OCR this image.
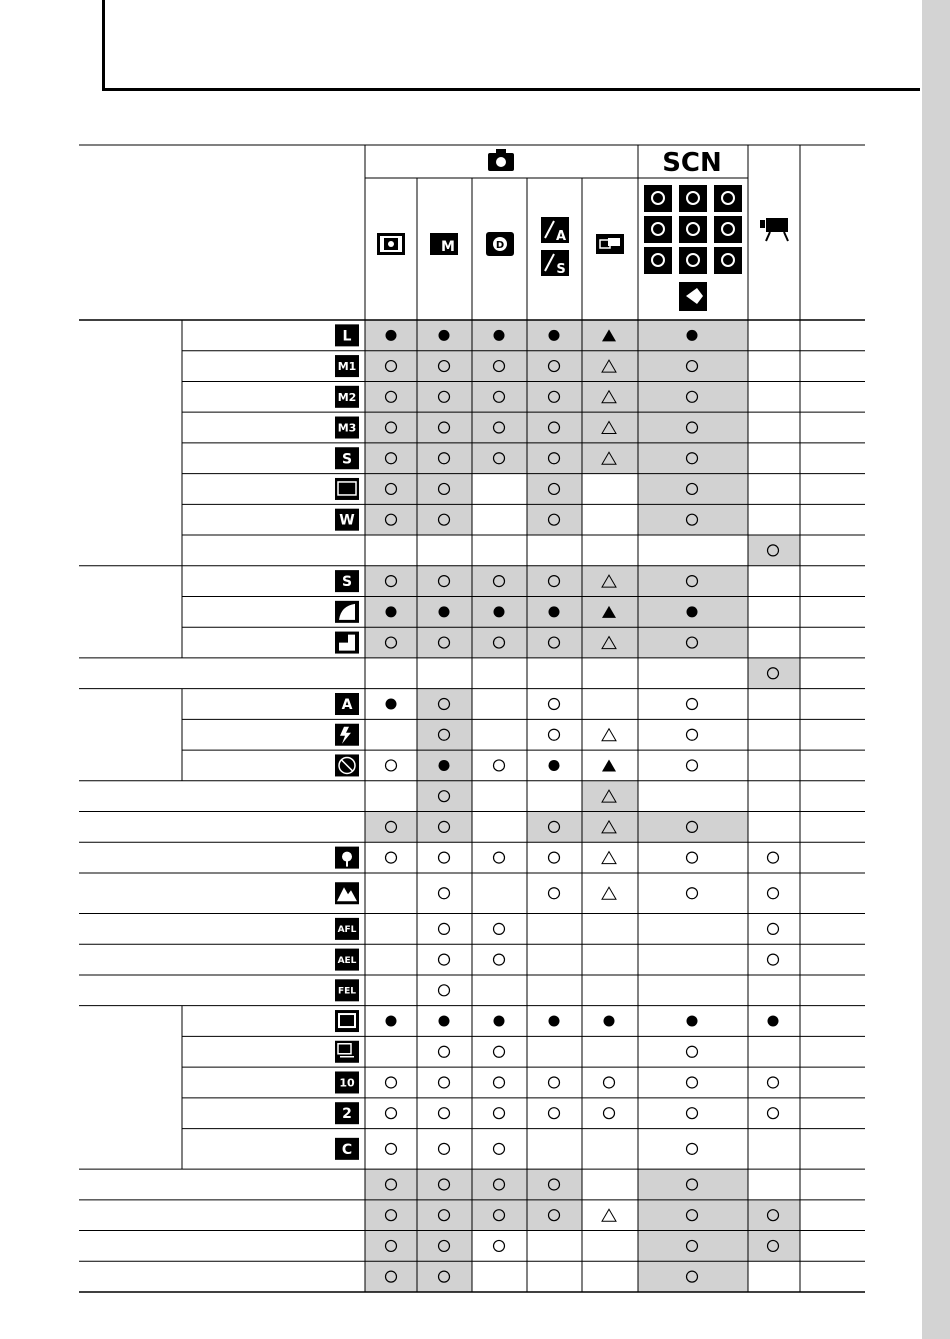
SCN
M	D
A
S
L
M1
M2
M3
S
W
S
A
AFL
AEL
FEL
10
2
C
